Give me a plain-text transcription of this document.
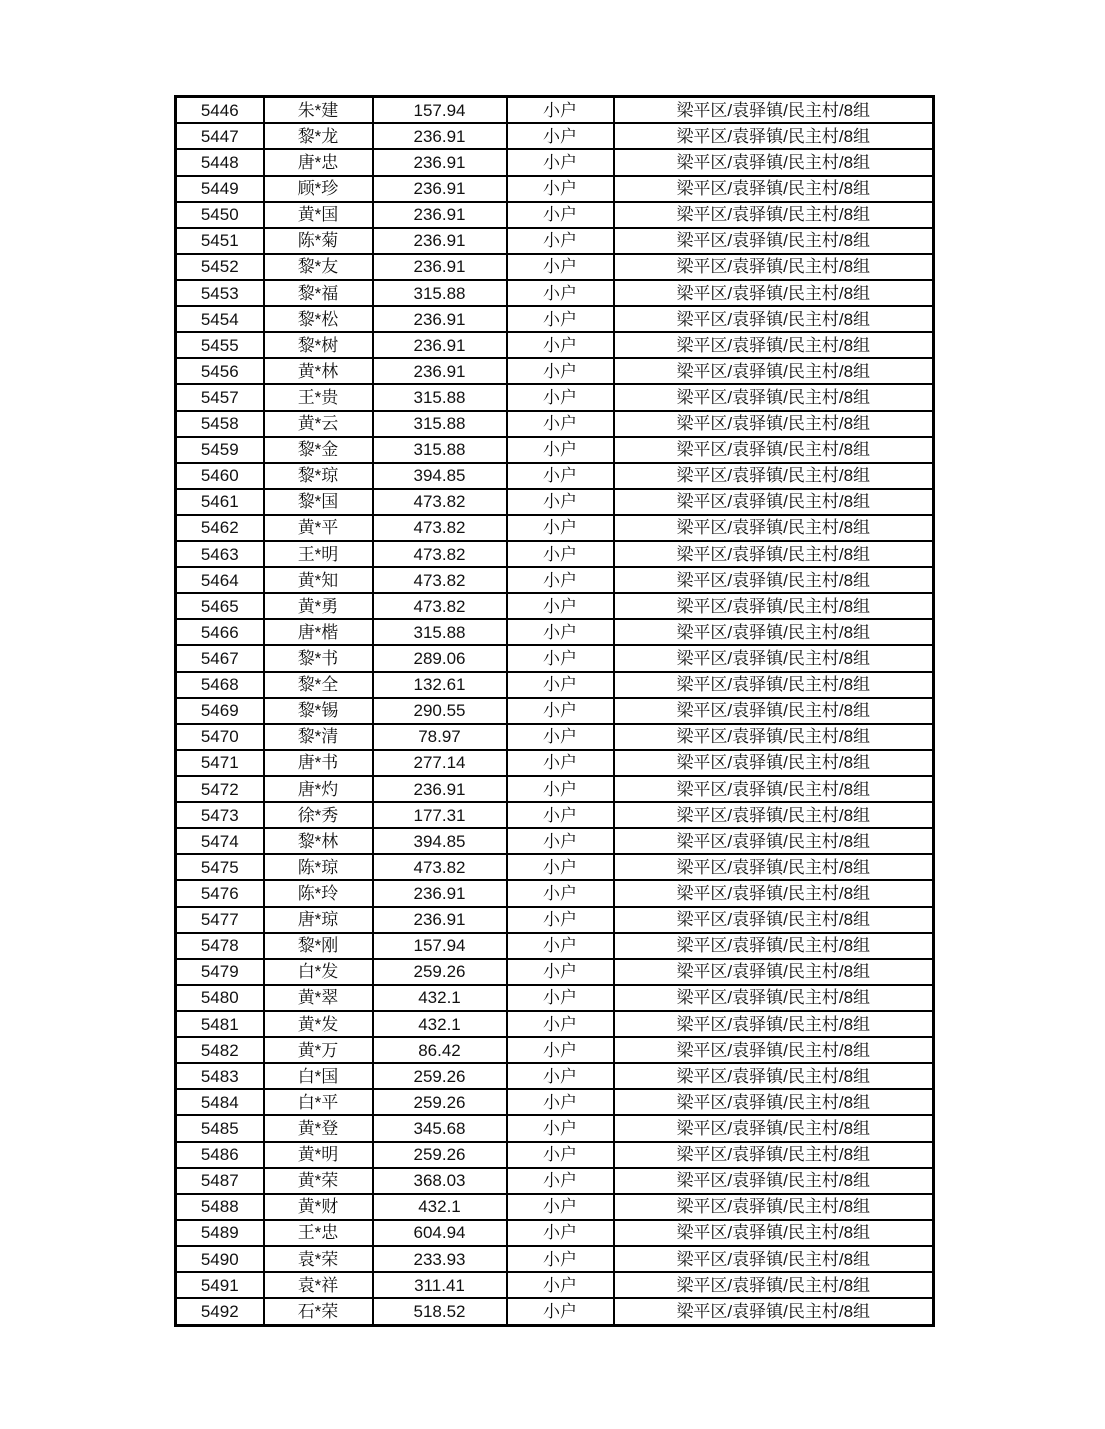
5446	朱*建	157.94	小户	梁平区/袁驿镇/民主村/8组
5447	黎*龙	236.91	小户	梁平区/袁驿镇/民主村/8组
5448	唐*忠	236.91	小户	梁平区/袁驿镇/民主村/8组
5449	顾*珍	236.91	小户	梁平区/袁驿镇/民主村/8组
5450	黄*国	236.91	小户	梁平区/袁驿镇/民主村/8组
5451	陈*菊	236.91	小户	梁平区/袁驿镇/民主村/8组
5452	黎*友	236.91	小户	梁平区/袁驿镇/民主村/8组
5453	黎*福	315.88	小户	梁平区/袁驿镇/民主村/8组
5454	黎*松	236.91	小户	梁平区/袁驿镇/民主村/8组
5455	黎*树	236.91	小户	梁平区/袁驿镇/民主村/8组
5456	黄*林	236.91	小户	梁平区/袁驿镇/民主村/8组
5457	王*贵	315.88	小户	梁平区/袁驿镇/民主村/8组
5458	黄*云	315.88	小户	梁平区/袁驿镇/民主村/8组
5459	黎*金	315.88	小户	梁平区/袁驿镇/民主村/8组
5460	黎*琼	394.85	小户	梁平区/袁驿镇/民主村/8组
5461	黎*国	473.82	小户	梁平区/袁驿镇/民主村/8组
5462	黄*平	473.82	小户	梁平区/袁驿镇/民主村/8组
5463	王*明	473.82	小户	梁平区/袁驿镇/民主村/8组
5464	黄*知	473.82	小户	梁平区/袁驿镇/民主村/8组
5465	黄*勇	473.82	小户	梁平区/袁驿镇/民主村/8组
5466	唐*楷	315.88	小户	梁平区/袁驿镇/民主村/8组
5467	黎*书	289.06	小户	梁平区/袁驿镇/民主村/8组
5468	黎*全	132.61	小户	梁平区/袁驿镇/民主村/8组
5469	黎*锡	290.55	小户	梁平区/袁驿镇/民主村/8组
5470	黎*清	78.97	小户	梁平区/袁驿镇/民主村/8组
5471	唐*书	277.14	小户	梁平区/袁驿镇/民主村/8组
5472	唐*灼	236.91	小户	梁平区/袁驿镇/民主村/8组
5473	徐*秀	177.31	小户	梁平区/袁驿镇/民主村/8组
5474	黎*林	394.85	小户	梁平区/袁驿镇/民主村/8组
5475	陈*琼	473.82	小户	梁平区/袁驿镇/民主村/8组
5476	陈*玲	236.91	小户	梁平区/袁驿镇/民主村/8组
5477	唐*琼	236.91	小户	梁平区/袁驿镇/民主村/8组
5478	黎*刚	157.94	小户	梁平区/袁驿镇/民主村/8组
5479	白*发	259.26	小户	梁平区/袁驿镇/民主村/8组
5480	黄*翠	432.1	小户	梁平区/袁驿镇/民主村/8组
5481	黄*发	432.1	小户	梁平区/袁驿镇/民主村/8组
5482	黄*万	86.42	小户	梁平区/袁驿镇/民主村/8组
5483	白*国	259.26	小户	梁平区/袁驿镇/民主村/8组
5484	白*平	259.26	小户	梁平区/袁驿镇/民主村/8组
5485	黄*登	345.68	小户	梁平区/袁驿镇/民主村/8组
5486	黄*明	259.26	小户	梁平区/袁驿镇/民主村/8组
5487	黄*荣	368.03	小户	梁平区/袁驿镇/民主村/8组
5488	黄*财	432.1	小户	梁平区/袁驿镇/民主村/8组
5489	王*忠	604.94	小户	梁平区/袁驿镇/民主村/8组
5490	袁*荣	233.93	小户	梁平区/袁驿镇/民主村/8组
5491	袁*祥	311.41	小户	梁平区/袁驿镇/民主村/8组
5492	石*荣	518.52	小户	梁平区/袁驿镇/民主村/8组
